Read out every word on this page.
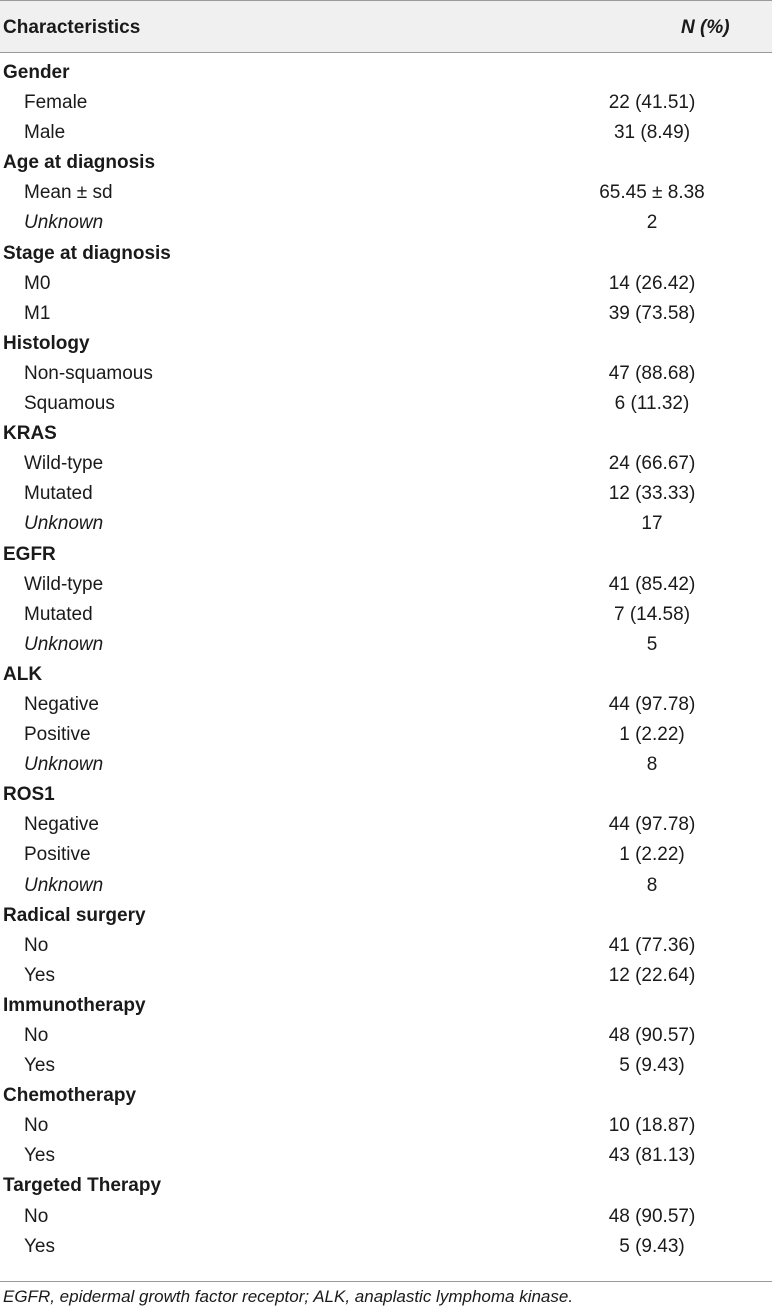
Characteristics	N (%)
Gender
Female	22 (41.51)
Male	31 (8.49)
Age at diagnosis
Mean ± sd	65.45 ± 8.38
Unknown	2
Stage at diagnosis
M0	14 (26.42)
M1	39 (73.58)
Histology
Non-squamous	47 (88.68)
Squamous	6 (11.32)
KRAS
Wild-type	24 (66.67)
Mutated	12 (33.33)
Unknown	17
EGFR
Wild-type	41 (85.42)
Mutated	7 (14.58)
Unknown	5
ALK
Negative	44 (97.78)
Positive	1 (2.22)
Unknown	8
ROS1
Negative	44 (97.78)
Positive	1 (2.22)
Unknown	8
Radical surgery
No	41 (77.36)
Yes	12 (22.64)
Immunotherapy
No	48 (90.57)
Yes	5 (9.43)
Chemotherapy
No	10 (18.87)
Yes	43 (81.13)
Targeted Therapy
No	48 (90.57)
Yes	5 (9.43)
EGFR, epidermal growth factor receptor; ALK, anaplastic lymphoma kinase.
